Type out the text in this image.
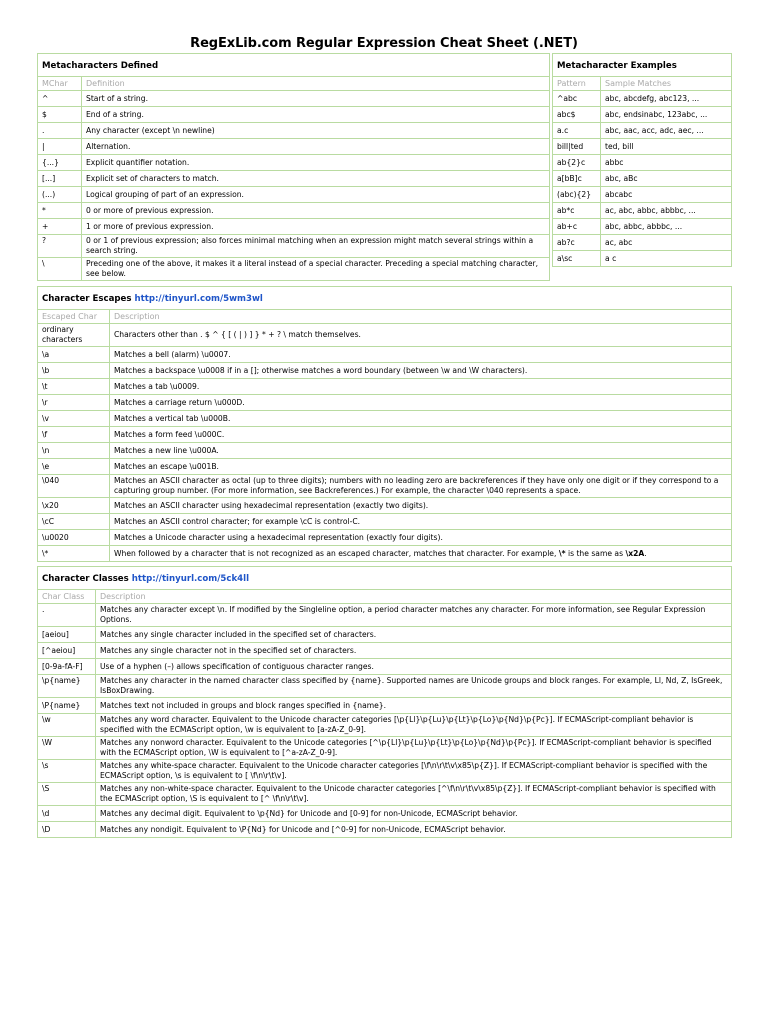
RegExLib.com Regular Expression Cheat Sheet (.NET)
Metacharacters Defined	
MChar	Definition
^	Start of a string.
$	End of a string.
.	Any character (except \n newline)
|	Alternation.
{...}	Explicit quantifier notation.
[...]	Explicit set of characters to match.
(...)	Logical grouping of part of an expression.
*	0 or more of previous expression.
+	1 or more of previous expression.
?	0 or 1 of previous expression; also forces minimal matching when an expression might match several strings within a search string.
\	Preceding one of the above, it makes it a literal instead of a special character. Preceding a special matching character, see below.
Metacharacter Examples	
Pattern	Sample Matches
^abc	abc, abcdefg, abc123, ...
abc$	abc, endsinabc, 123abc, ...
a.c	abc, aac, acc, adc, aec, ...
bill|ted	ted, bill
ab{2}c	abbc
a[bB]c	abc, aBc
(abc){2}	abcabc
ab*c	ac, abc, abbc, abbbc, ...
ab+c	abc, abbc, abbbc, ...
ab?c	ac, abc
a\sc	a c
Character Escapes http://tinyurl.com/5wm3wl	
Escaped Char	Description
ordinary characters	Characters other than . $ ^ { [ ( | ) ] } * + ? \ match themselves.
\a	Matches a bell (alarm) \u0007.
\b	Matches a backspace \u0008 if in a []; otherwise matches a word boundary (between \w and \W characters).
\t	Matches a tab \u0009.
\r	Matches a carriage return \u000D.
\v	Matches a vertical tab \u000B.
\f	Matches a form feed \u000C.
\n	Matches a new line \u000A.
\e	Matches an escape \u001B.
\040	Matches an ASCII character as octal (up to three digits); numbers with no leading zero are backreferences if they have only one digit or if they correspond to a capturing group number. (For more information, see Backreferences.) For example, the character \040 represents a space.
\x20	Matches an ASCII character using hexadecimal representation (exactly two digits).
\cC	Matches an ASCII control character; for example \cC is control-C.
\u0020	Matches a Unicode character using a hexadecimal representation (exactly four digits).
\*	When followed by a character that is not recognized as an escaped character, matches that character. For example, \* is the same as \x2A.
Character Classes http://tinyurl.com/5ck4ll	
Char Class	Description
.	Matches any character except \n. If modified by the Singleline option, a period character matches any character. For more information, see Regular Expression Options.
[aeiou]	Matches any single character included in the specified set of characters.
[^aeiou]	Matches any single character not in the specified set of characters.
[0-9a-fA-F]	Use of a hyphen (–) allows specification of contiguous character ranges.
\p{name}	Matches any character in the named character class specified by {name}. Supported names are Unicode groups and block ranges. For example, Ll, Nd, Z, IsGreek, IsBoxDrawing.
\P{name}	Matches text not included in groups and block ranges specified in {name}.
\w	Matches any word character. Equivalent to the Unicode character categories [\p{Ll}\p{Lu}\p{Lt}\p{Lo}\p{Nd}\p{Pc}]. If ECMAScript-compliant behavior is specified with the ECMAScript option, \w is equivalent to [a-zA-Z_0-9].
\W	Matches any nonword character. Equivalent to the Unicode categories [^\p{Ll}\p{Lu}\p{Lt}\p{Lo}\p{Nd}\p{Pc}]. If ECMAScript-compliant behavior is specified with the ECMAScript option, \W is equivalent to [^a-zA-Z_0-9].
\s	Matches any white-space character. Equivalent to the Unicode character categories [\f\n\r\t\v\x85\p{Z}]. If ECMAScript-compliant behavior is specified with the ECMAScript option, \s is equivalent to [ \f\n\r\t\v].
\S	Matches any non-white-space character. Equivalent to the Unicode character categories [^\f\n\r\t\v\x85\p{Z}]. If ECMAScript-compliant behavior is specified with the ECMAScript option, \S is equivalent to [^ \f\n\r\t\v].
\d	Matches any decimal digit. Equivalent to \p{Nd} for Unicode and [0-9] for non-Unicode, ECMAScript behavior.
\D	Matches any nondigit. Equivalent to \P{Nd} for Unicode and [^0-9] for non-Unicode, ECMAScript behavior.
